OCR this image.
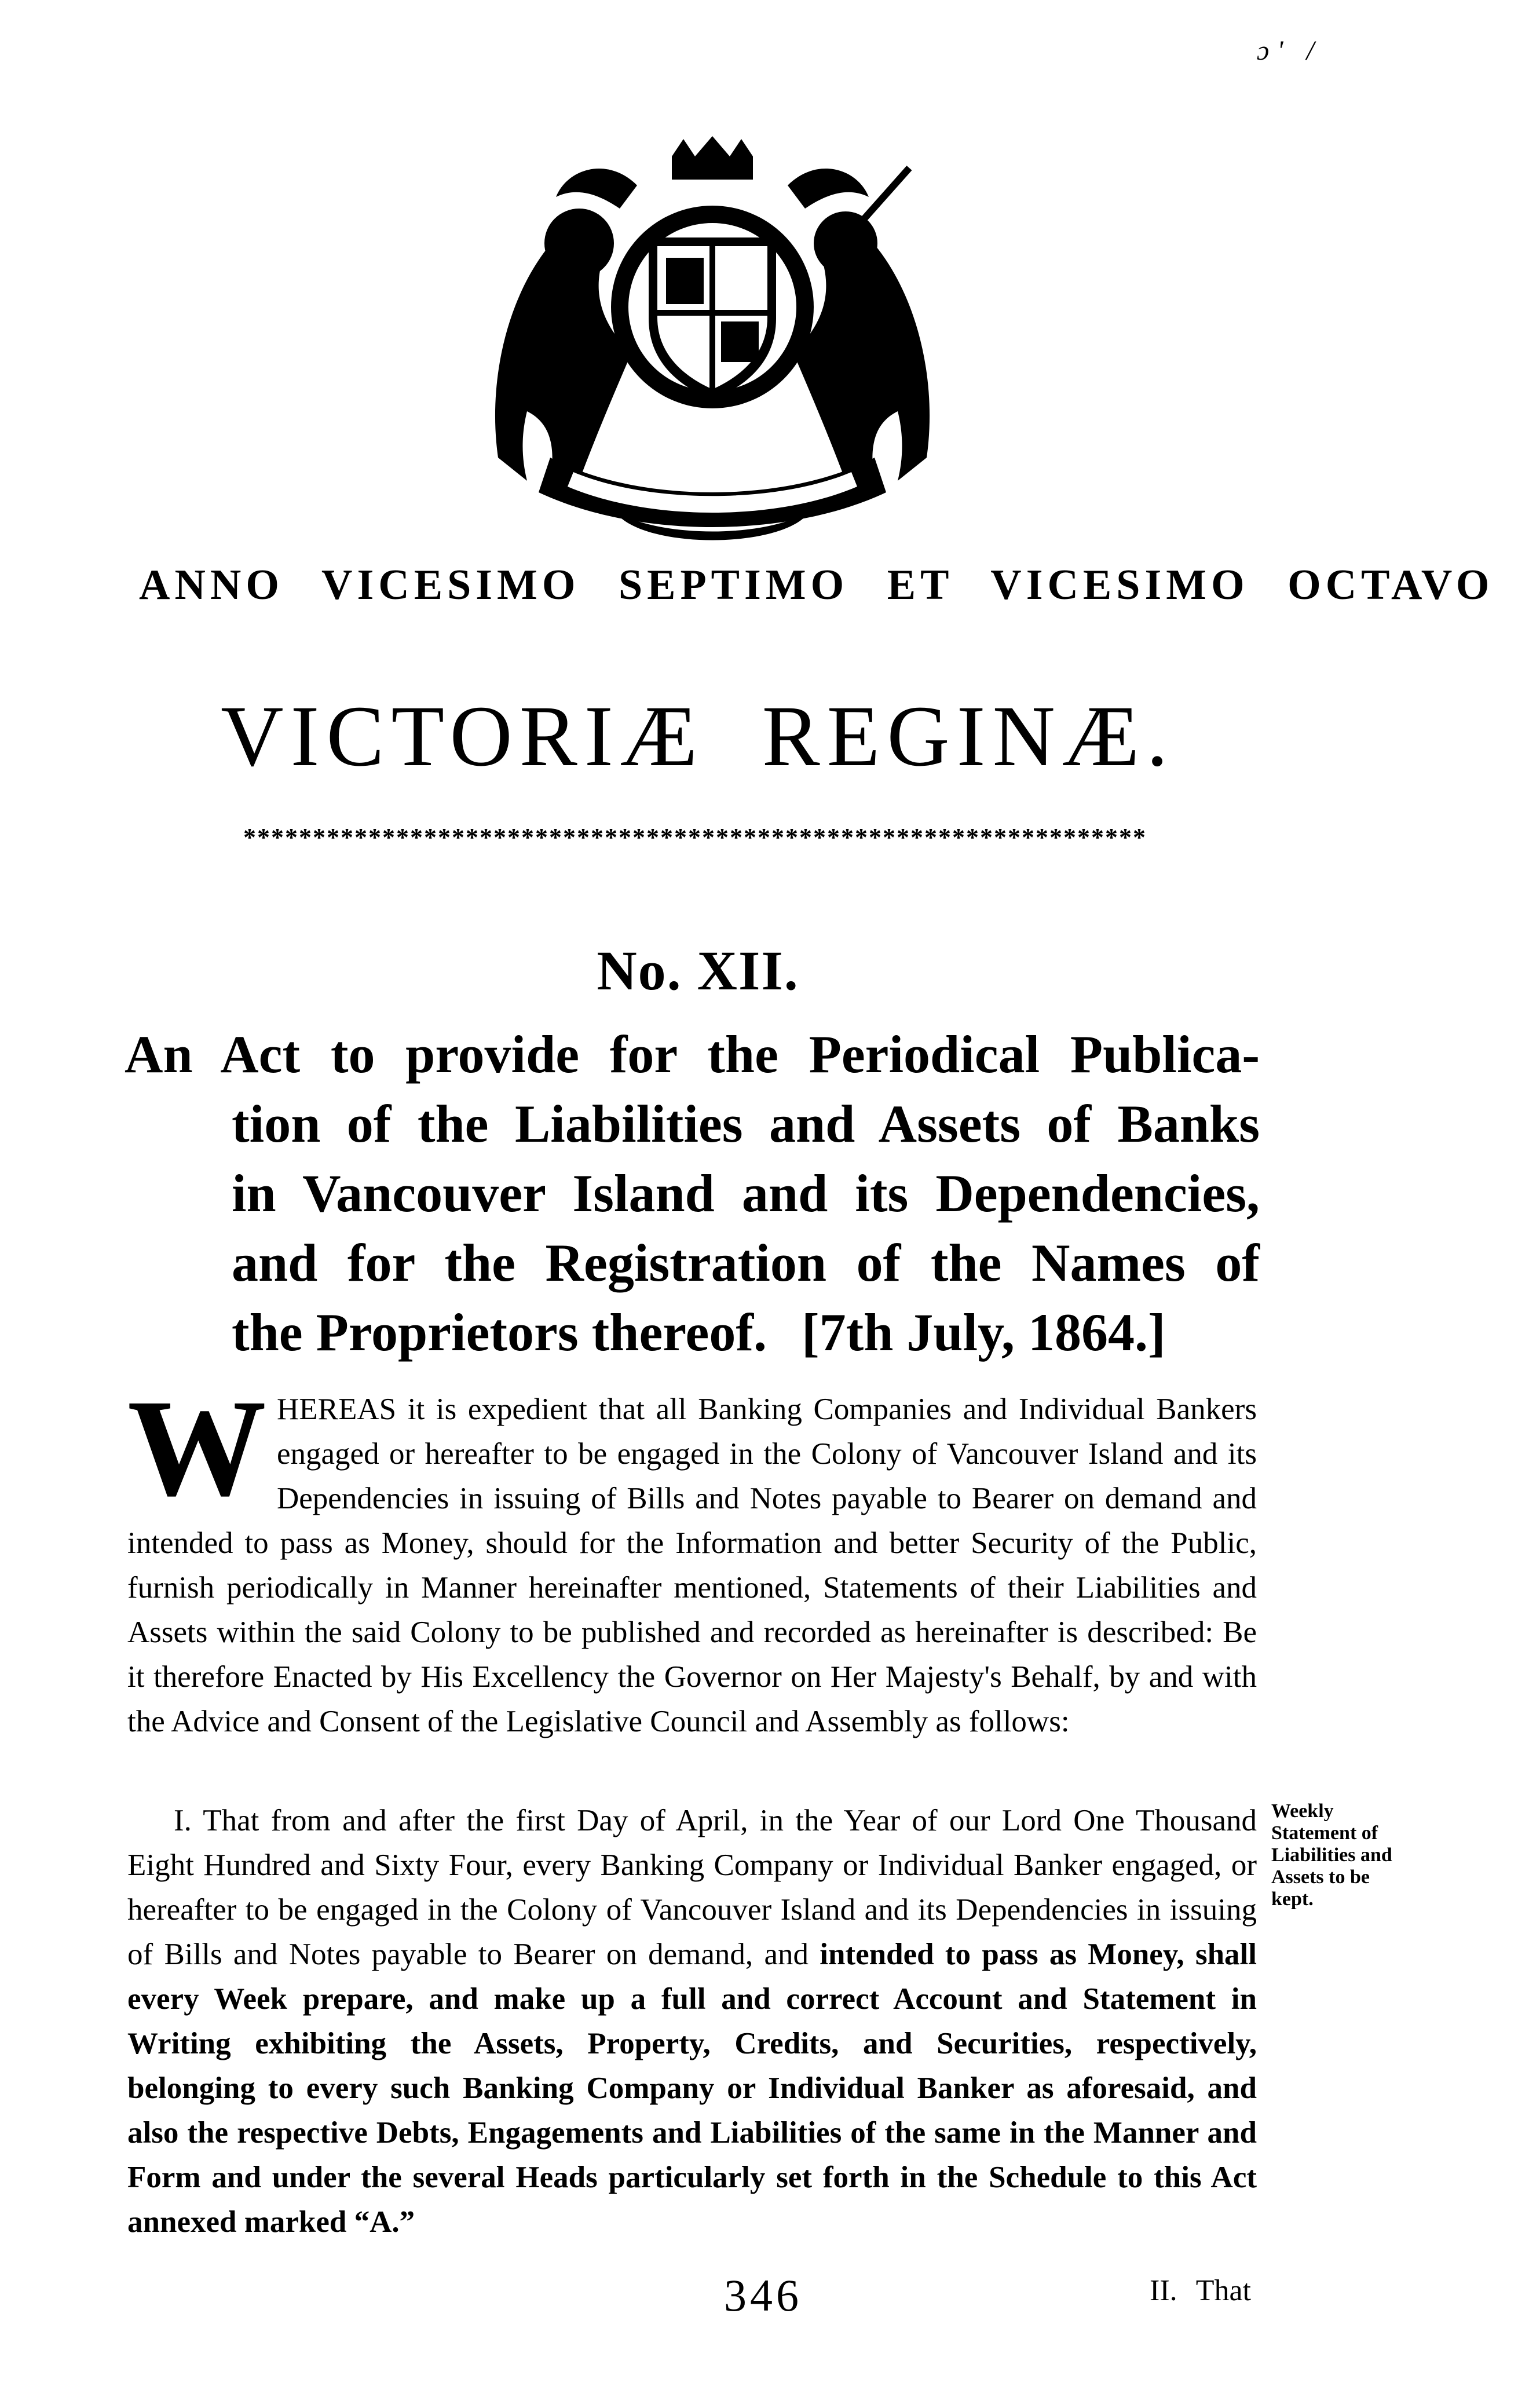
ɔ' /
ANNO VICESIMO SEPTIMO ET VICESIMO OCTAVO
VICTORIÆ REGINÆ.
*****************************************************************
No. XII.
An Act to provide for the Periodical Publica-
tion of the Liabilities and Assets of Banks
in Vancouver Island and its Dependencies,
and for the Registration of the Names of
the Proprietors thereof. [7th July, 1864.]
WHEREAS it is expedient that all Banking Companies and Individual Bankers engaged or hereafter to be engaged in the Colony of Vancouver Island and its Dependencies in issuing of Bills and Notes payable to Bearer on demand and intended to pass as Money, should for the Information and better Security of the Public, furnish periodically in Manner hereinafter mentioned, Statements of their Liabilities and Assets within the said Colony to be published and recorded as hereinafter is described: Be it therefore Enacted by His Excellency the Governor on Her Majesty's Behalf, by and with the Advice and Consent of the Legislative Council and Assembly as follows:
I. That from and after the first Day of April, in the Year of our Lord One Thousand Eight Hundred and Sixty Four, every Banking Company or Individual Banker engaged, or hereafter to be engaged in the Colony of Vancouver Island and its Dependencies in issuing of Bills and Notes payable to Bearer on demand, and intended to pass as Money, shall every Week prepare, and make up a full and correct Account and Statement in Writing exhibiting the Assets, Property, Credits, and Securities, respectively, belonging to every such Banking Company or Individual Banker as aforesaid, and also the respective Debts, Engagements and Liabilities of the same in the Manner and Form and under the several Heads particularly set forth in the Schedule to this Act annexed marked “A.”
Weekly
Statement of
Liabilities and
Assets to be
kept.
346	II. That
